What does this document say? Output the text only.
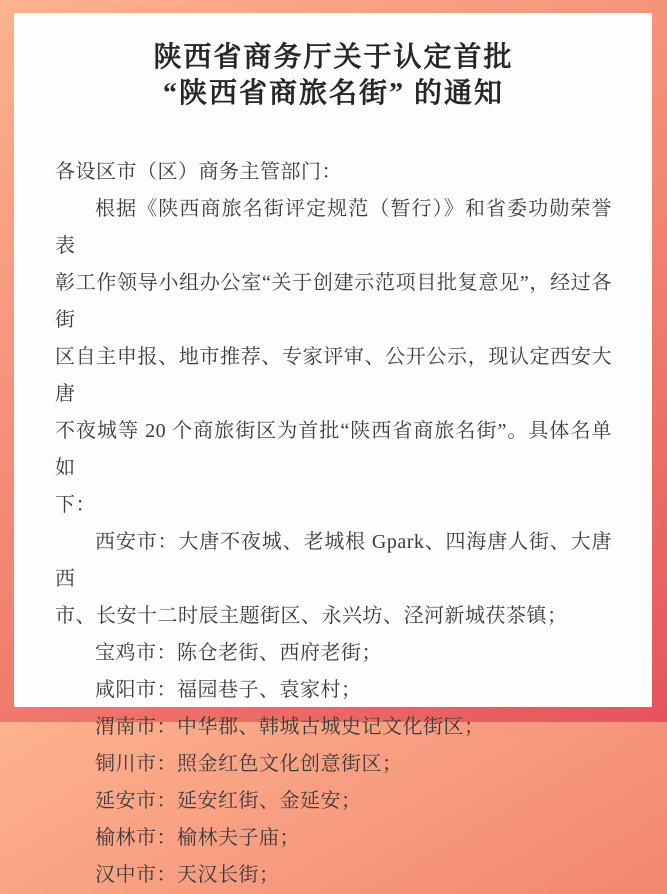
陕西省商务厅关于认定首批
“陕西省商旅名街” 的通知
各设区市（区）商务主管部门：
根据《陕西商旅名街评定规范（暂行）》和省委功勋荣誉表
彰工作领导小组办公室“关于创建示范项目批复意见”，经过各街
区自主申报、地市推荐、专家评审、公开公示，现认定西安大唐
不夜城等 20 个商旅街区为首批“陕西省商旅名街”。具体名单如
下：
西安市：大唐不夜城、老城根 Gpark、四海唐人街、大唐西
市、长安十二时辰主题街区、永兴坊、泾河新城茯茶镇；
宝鸡市：陈仓老街、西府老街；
咸阳市：福园巷子、袁家村；
渭南市：中华郡、韩城古城史记文化街区；
铜川市：照金红色文化创意街区；
延安市：延安红街、金延安；
榆林市：榆林夫子庙；
汉中市：天汉长街；
